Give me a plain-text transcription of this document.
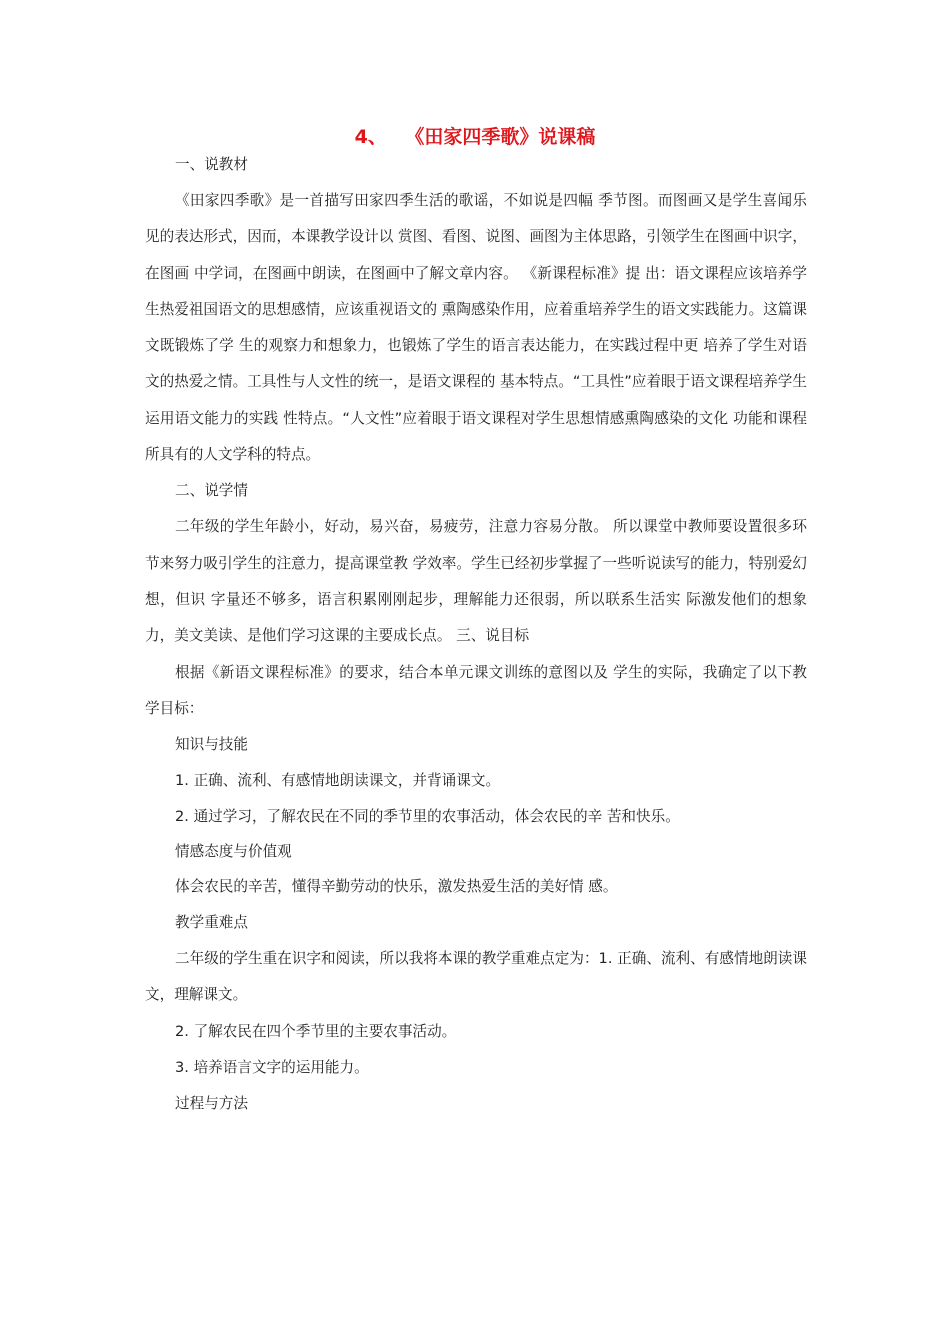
4、 《田家四季歌》说课稿

一、说教材

《田家四季歌》是一首描写田家四季生活的歌谣，不如说是四幅 季节图。而图画又是学生喜闻乐见的表达形式，因而，本课教学设计以 赏图、看图、说图、画图为主体思路，引领学生在图画中识字，在图画 中学词，在图画中朗读，在图画中了解文章内容。 《新课程标准》提 出：语文课程应该培养学生热爱祖国语文的思想感情，应该重视语文的 熏陶感染作用，应着重培养学生的语文实践能力。这篇课文既锻炼了学 生的观察力和想象力，也锻炼了学生的语言表达能力，在实践过程中更 培养了学生对语文的热爱之情。工具性与人文性的统一，是语文课程的 基本特点。“工具性”应着眼于语文课程培养学生运用语文能力的实践 性特点。“人文性”应着眼于语文课程对学生思想情感熏陶感染的文化 功能和课程所具有的人文学科的特点。

二、说学情

二年级的学生年龄小，好动，易兴奋，易疲劳，注意力容易分散。 所以课堂中教师要设置很多环节来努力吸引学生的注意力，提高课堂教 学效率。学生已经初步掌握了一些听说读写的能力，特别爱幻想，但识 字量还不够多，语言积累刚刚起步，理解能力还很弱，所以联系生活实 际激发他们的想象力，美文美读、是他们学习这课的主要成长点。 三、说目标

根据《新语文课程标准》的要求，结合本单元课文训练的意图以及 学生的实际，我确定了以下教学目标：

知识与技能

1. 正确、流利、有感情地朗读课文，并背诵课文。

2. 通过学习，了解农民在不同的季节里的农事活动，体会农民的辛 苦和快乐。

情感态度与价值观

体会农民的辛苦，懂得辛勤劳动的快乐，激发热爱生活的美好情 感。

教学重难点

二年级的学生重在识字和阅读，所以我将本课的教学重难点定为：1. 正确、流利、有感情地朗读课文，理解课文。

2. 了解农民在四个季节里的主要农事活动。

3. 培养语言文字的运用能力。

过程与方法
